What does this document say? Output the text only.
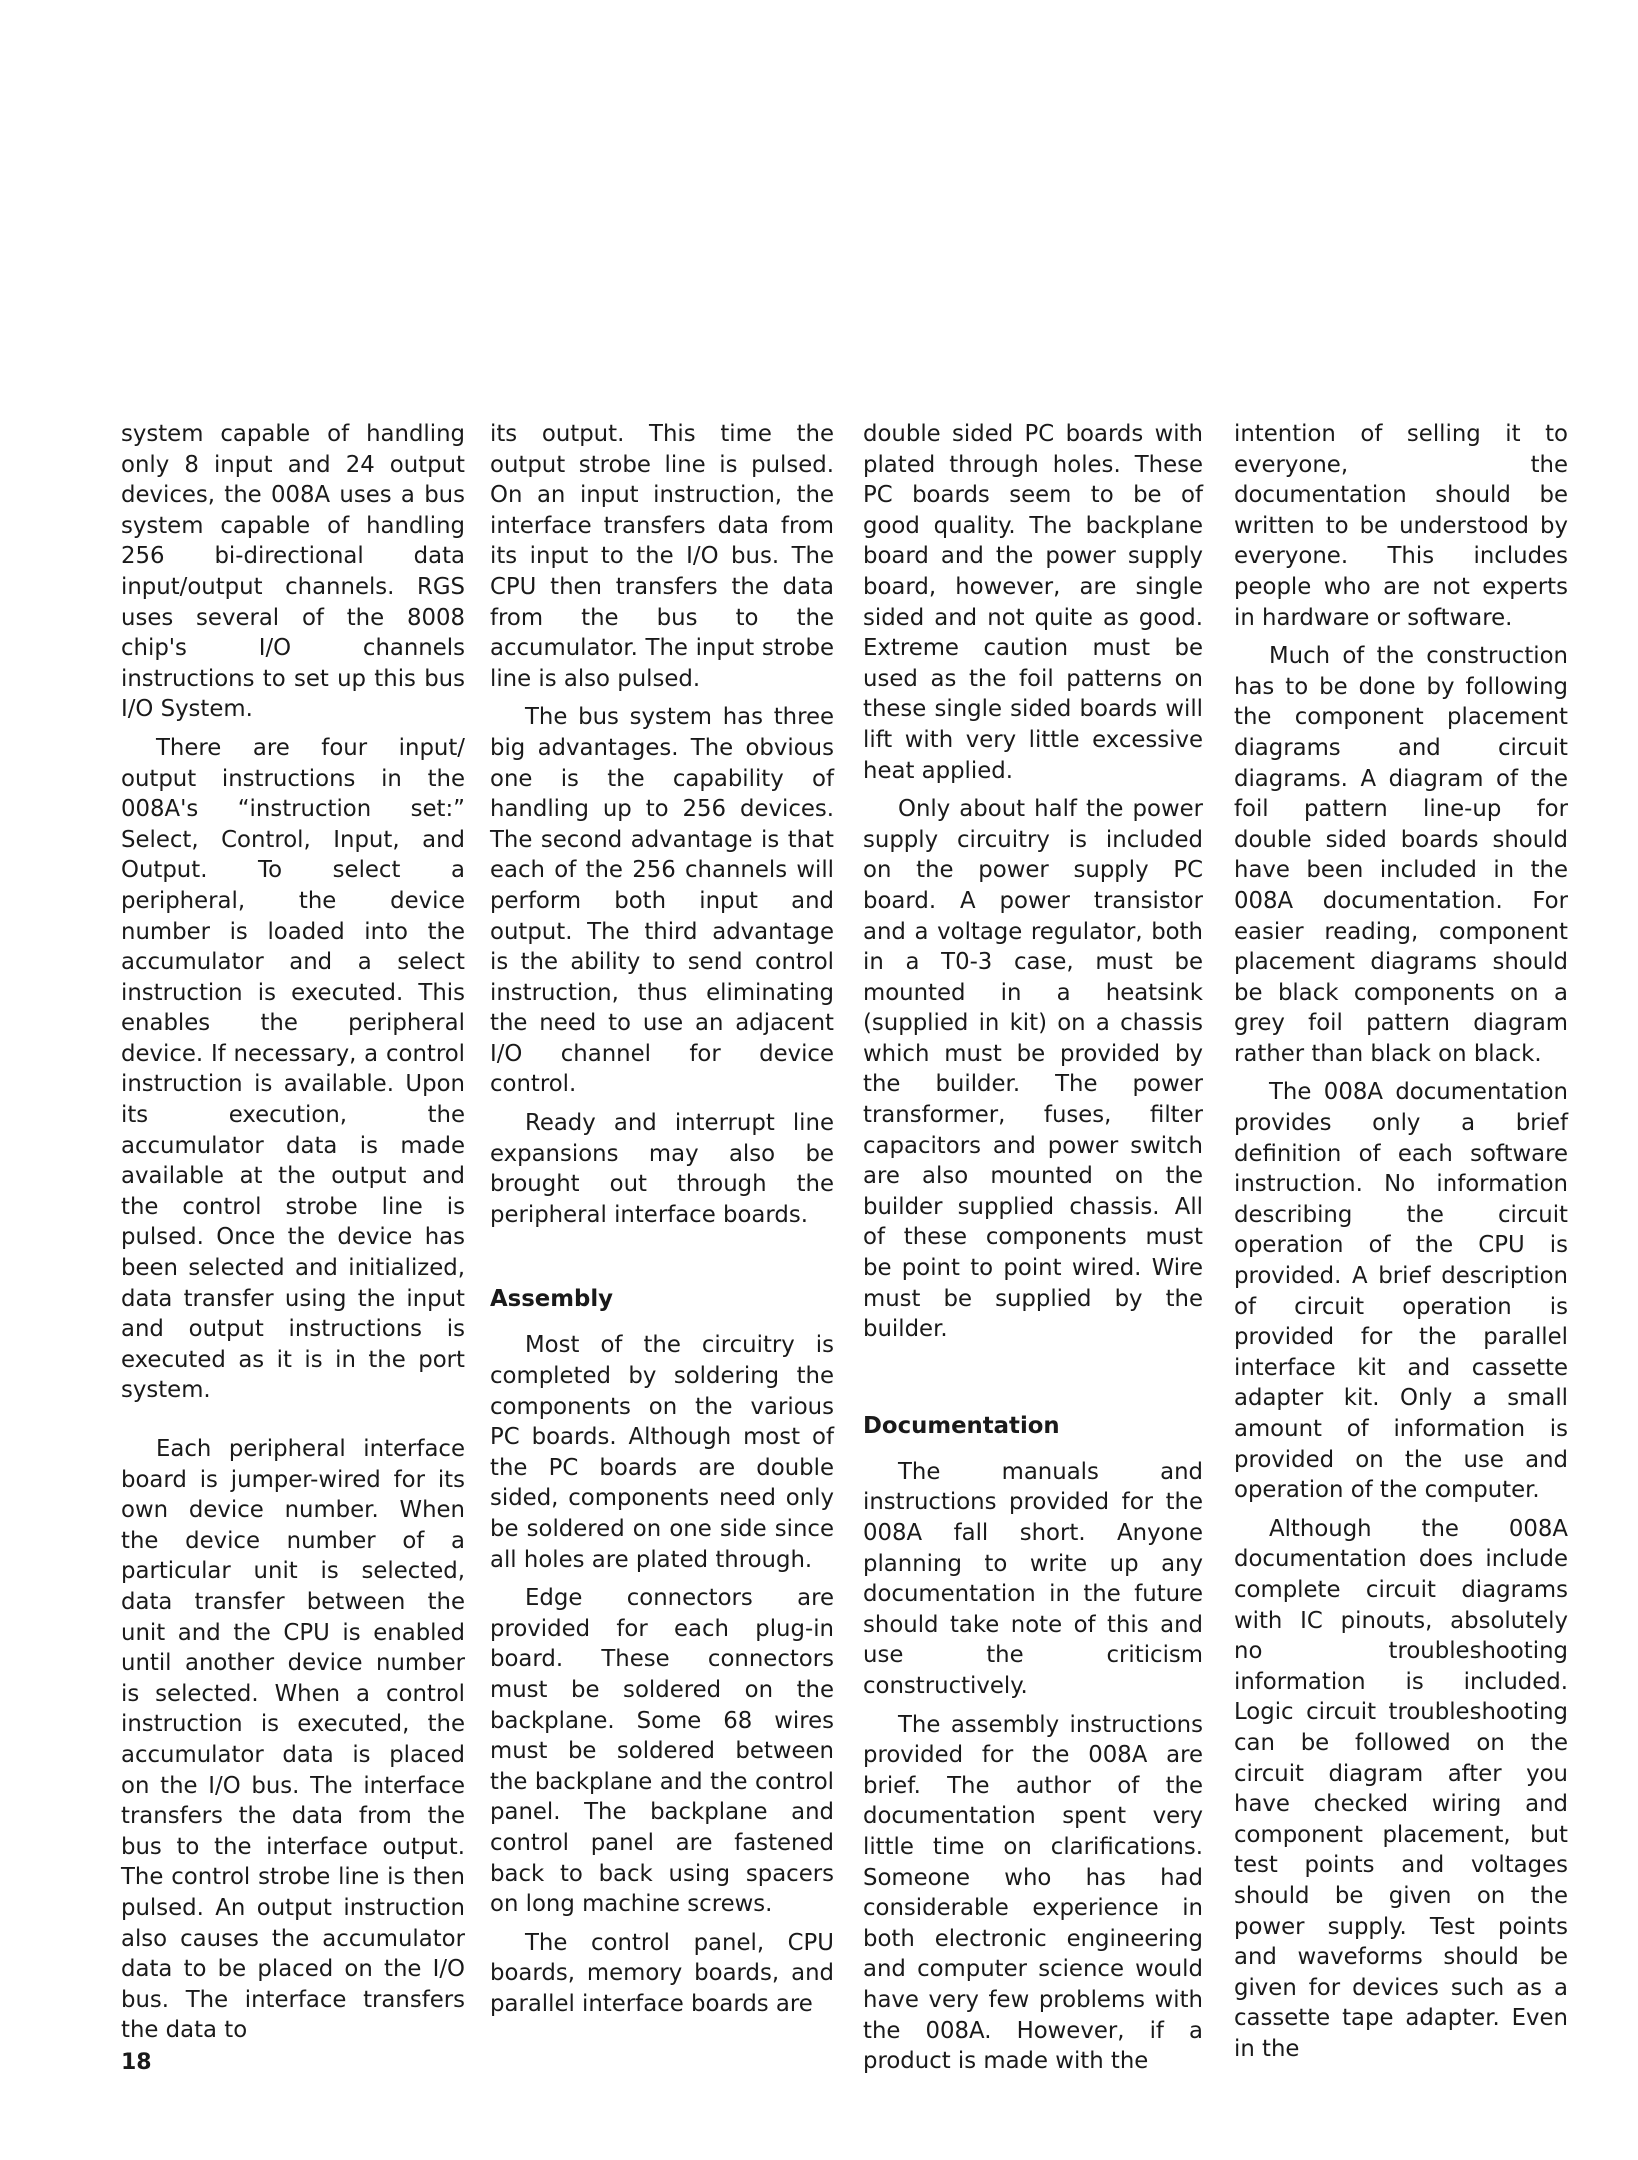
system capable of handling only 8 input and 24 output devices, the 008A uses a bus system capable of handling 256 bi-directional data input/output channels. RGS uses several of the 8008 chip's I/O channels instructions to set up this bus I/O System.

There are four input/ output instructions in the 008A's “instruction set:” Select, Control, Input, and Output. To select a peripheral, the device number is loaded into the accumulator and a select instruction is executed. This enables the peripheral device. If necessary, a control instruction is available. Upon its execution, the accumulator data is made available at the output and the control strobe line is pulsed. Once the device has been selected and initialized, data transfer using the input and output instructions is executed as it is in the port system.

Each peripheral interface board is jumper-wired for its own device number. When the device number of a particular unit is selected, data transfer between the unit and the CPU is enabled until another device number is selected. When a control instruction is executed, the accumulator data is placed on the I/O bus. The interface transfers the data from the bus to the interface output. The control strobe line is then pulsed. An output instruction also causes the accumulator data to be placed on the I/O bus. The interface transfers the data to

its output. This time the output strobe line is pulsed. On an input instruction, the interface transfers data from its input to the I/O bus. The CPU then transfers the data from the bus to the accumulator. The input strobe line is also pulsed.

The bus system has three big advantages. The obvious one is the capability of handling up to 256 devices. The second advantage is that each of the 256 channels will perform both input and output. The third advantage is the ability to send control instruction, thus eliminating the need to use an adjacent I/O channel for device control.

Ready and interrupt line expansions may also be brought out through the peripheral interface boards.

Assembly

Most of the circuitry is completed by soldering the components on the various PC boards. Although most of the PC boards are double sided, components need only be soldered on one side since all holes are plated through.

Edge connectors are provided for each plug-in board. These connectors must be soldered on the backplane. Some 68 wires must be soldered between the backplane and the control panel. The backplane and control panel are fastened back to back using spacers on long machine screws.

The control panel, CPU boards, memory boards, and parallel interface boards are

double sided PC boards with plated through holes. These PC boards seem to be of good quality. The backplane board and the power supply board, however, are single sided and not quite as good. Extreme caution must be used as the foil patterns on these single sided boards will lift with very little excessive heat applied.

Only about half the power supply circuitry is included on the power supply PC board. A power transistor and a voltage regulator, both in a T0-3 case, must be mounted in a heatsink (supplied in kit) on a chassis which must be provided by the builder. The power transformer, fuses, filter capacitors and power switch are also mounted on the builder supplied chassis. All of these components must be point to point wired. Wire must be supplied by the builder.

Documentation

The manuals and instructions provided for the 008A fall short. Anyone planning to write up any documentation in the future should take note of this and use the criticism constructively.

The assembly instructions provided for the 008A are brief. The author of the documentation spent very little time on clarifications. Someone who has had considerable experience in both electronic engineering and computer science would have very few problems with the 008A. However, if a product is made with the

intention of selling it to everyone, the documentation should be written to be understood by everyone. This includes people who are not experts in hardware or software.

Much of the construction has to be done by following the component placement diagrams and circuit diagrams. A diagram of the foil pattern line-up for double sided boards should have been included in the 008A documentation. For easier reading, component placement diagrams should be black components on a grey foil pattern diagram rather than black on black.

The 008A documentation provides only a brief definition of each software instruction. No information describing the circuit operation of the CPU is provided. A brief description of circuit operation is provided for the parallel interface kit and cassette adapter kit. Only a small amount of information is provided on the use and operation of the computer.

Although the 008A documentation does include complete circuit diagrams with IC pinouts, absolutely no troubleshooting information is included. Logic circuit troubleshooting can be followed on the circuit diagram after you have checked wiring and component placement, but test points and voltages should be given on the power supply. Test points and waveforms should be given for devices such as a cassette tape adapter. Even in the

18
